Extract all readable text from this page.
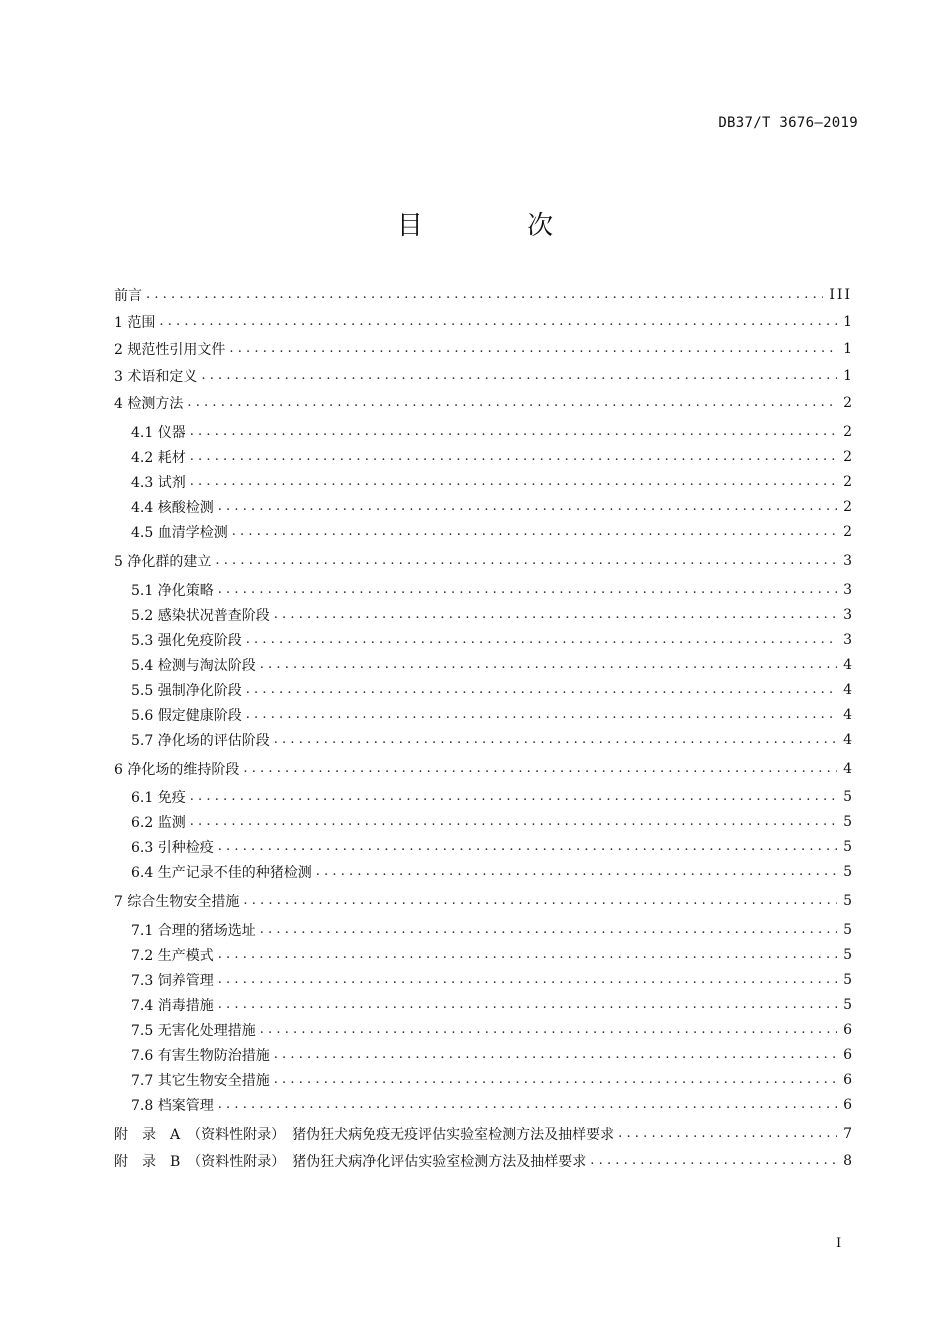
DB37/T 3676—2019
目 次
前言 .....	III
1 范围 .....	1
2 规范性引用文件 .....	1
3 术语和定义 .....	1
4 检测方法 .....	2
4.1 仪器 .....	2
4.2 耗材 .....	2
4.3 试剂 .....	2
4.4 核酸检测 .....	2
4.5 血清学检测 .....	2
5 净化群的建立 .....	3
5.1 净化策略 .....	3
5.2 感染状况普查阶段 .....	3
5.3 强化免疫阶段 .....	3
5.4 检测与淘汰阶段 .....	4
5.5 强制净化阶段 .....	4
5.6 假定健康阶段 .....	4
5.7 净化场的评估阶段 .....	4
6 净化场的维持阶段 .....	4
6.1 免疫 .....	5
6.2 监测 .....	5
6.3 引种检疫 .....	5
6.4 生产记录不佳的种猪检测 .....	5
7 综合生物安全措施 .....	5
7.1 合理的猪场选址 .....	5
7.2 生产模式 .....	5
7.3 饲养管理 .....	5
7.4 消毒措施 .....	5
7.5 无害化处理措施 .....	6
7.6 有害生物防治措施 .....	6
7.7 其它生物安全措施 .....	6
7.8 档案管理 .....	6
附　录　A　（资料性附录）　猪伪狂犬病免疫无疫评估实验室检测方法及抽样要求 .....	7
附　录　B　（资料性附录）　猪伪狂犬病净化评估实验室检测方法及抽样要求 .....	8
I
